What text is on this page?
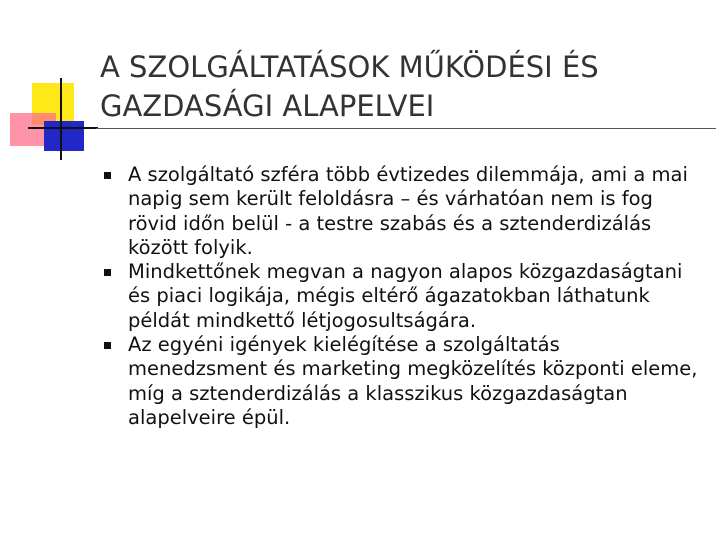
A SZOLGÁLTATÁSOK MŰKÖDÉSI ÉS GAZDASÁGI ALAPELVEI
A szolgáltató szféra több évtizedes dilemmája, ami a mai napig sem került feloldásra – és várhatóan nem is fog rövid időn belül - a testre szabás és a sztenderdizálás között folyik.
Mindkettőnek megvan a nagyon alapos közgazdaságtani és piaci logikája, mégis eltérő ágazatokban láthatunk példát mindkettő létjogosultságára.
Az egyéni igények kielégítése a szolgáltatás menedzsment és marketing megközelítés központi eleme, míg a sztenderdizálás a klasszikus közgazdaságtan alapelveire épül.
